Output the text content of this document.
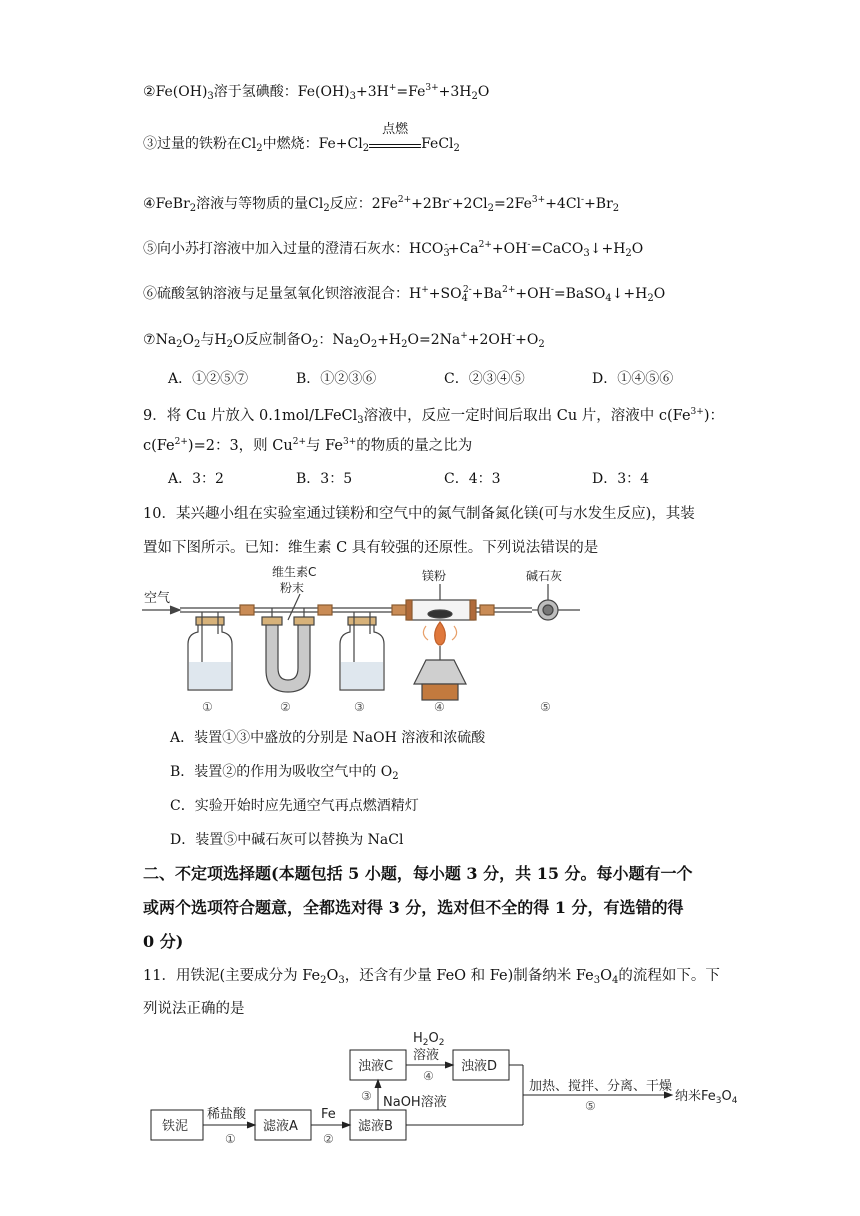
$②Fe(OH)_3$溶于氢碘酸：$Fe(OH)_3+3H^+=Fe^{3+}+3H_2O$
③过量的铁粉在$Cl_2$中燃烧：$Fe+Cl_2$
点燃
FeCl$_2$
④FeBr$_2$溶液与等物质的量$Cl_2$反应：$2Fe^{2+}+2Br^-+2Cl_2=2Fe^{3+}+4Cl^-+Br_2$
⑤向小苏打溶液中加入过量的澄清石灰水：$HCO_3^-+Ca^{2+}+OH^-=CaCO_3↓+H_2O$
⑥硫酸氢钠溶液与足量氢氧化钡溶液混合：$H^++SO_4^{2-}+Ba^{2+}+OH^-=BaSO_4↓+H_2O$
$⑦Na_2O_2$与$H_2O$反应制备$O_2$：$Na_2O_2+H_2O=2Na^++2OH^-+O_2$
A．①②⑤⑦	B．①②③⑥	C．②③④⑤	D．①④⑤⑥
9．将 Cu 片放入 0.1mol/LFeCl$_3$溶液中，反应一定时间后取出 Cu 片，溶液中 $c(Fe^{3+})$：
$c(Fe^{2+})=2$：3，则 $Cu^{2+}$与 $Fe^{3+}$的物质的量之比为
A．3：2	B．3：5	C．4：3	D．3：4
10．某兴趣小组在实验室通过镁粉和空气中的氮气制备氮化镁(可与水发生反应)，其装
置如下图所示。已知：维生素 C 具有较强的还原性。下列说法错误的是
空气
维生素C
粉末
镁粉	碱石灰
①	②	③	④	⑤
A．装置①③中盛放的分别是 NaOH 溶液和浓硫酸
B．装置②的作用为吸收空气中的 $O_2$
C．实验开始时应先通空气再点燃酒精灯
D．装置⑤中碱石灰可以替换为 NaCl
二、不定项选择题(本题包括 5 小题，每小题 3 分，共 15 分。每小题有一个
或两个选项符合题意，全都选对得 3 分，选对但不全的得 1 分，有选错的得
0 分)
11．用铁泥(主要成分为 $Fe_2O_3$，还含有少量 FeO 和 Fe)制备纳米 $Fe_3O_4$的流程如下。下
列说法正确的是
铁泥	滤液A	滤液B
浊液C	浊液D
稀盐酸
①
Fe
②
NaOH溶液
③
$H_2O_2$
溶液
④
加热、搅拌、分离、干燥
⑤
纳米$Fe_3O_4$
